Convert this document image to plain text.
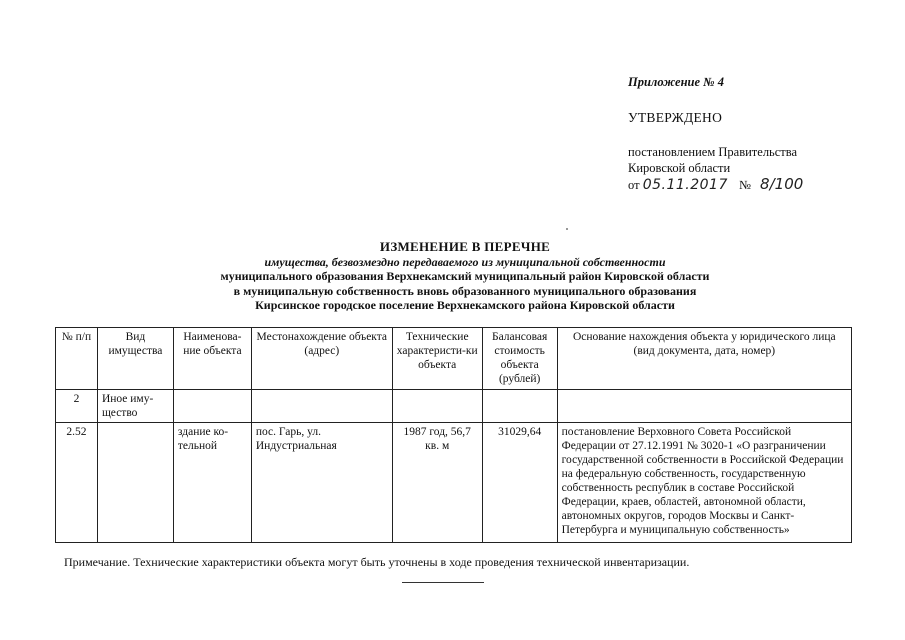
Приложение № 4
УТВЕРЖДЕНО
постановлением Правительства
Кировской области
от 05.11.2017 № 8/100
ИЗМЕНЕНИЕ В ПЕРЕЧНЕ
имущества, безвозмездно передаваемого из муниципальной собственности
муниципального образования Верхнекамский муниципальный район Кировской области
в муниципальную собственность вновь образованного муниципального образования
Кирсинское городское поселение Верхнекамского района Кировской области
№ п/п	Вид имущества	Наименова-ние объекта	Местонахождение объекта (адрес)	Технические характеристи-ки объекта	Балансовая стоимость объекта (рублей)	Основание нахождения объекта у юридического лица (вид документа, дата, номер)
2	Иное иму-щество					
2.52		здание ко-тельной	пос. Гарь, ул. Индустриальная	1987 год, 56,7 кв. м	31029,64	постановление Верховного Совета Российской Федерации от 27.12.1991 № 3020-1 «О разграничении государственной собственности в Российской Федерации на федеральную собственность, государственную собственность республик в составе Российской Федерации, краев, областей, автономной области, автономных округов, городов Москвы и Санкт-Петербурга и муниципальную собственность»
Примечание. Технические характеристики объекта могут быть уточнены в ходе проведения технической инвентаризации.
